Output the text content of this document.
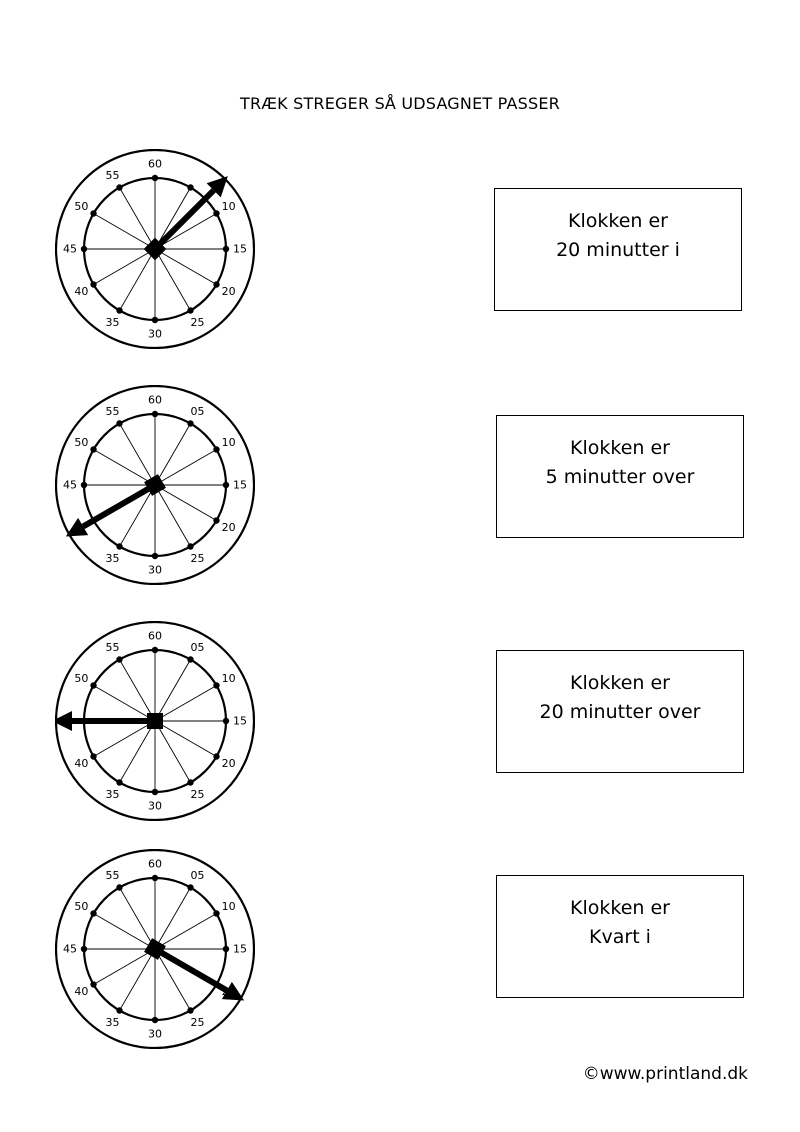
TRÆK STREGER SÅ UDSAGNET PASSER
60
10
15
20
25
30
35
40
45
50
55
60
05
10
15
20
25
30
35
45
50
55
60
05
10
15
20
25
30
35
40
50
55
60
05
10
15
25
30
35
40
45
50
55
Klokken er
20 minutter i
Klokken er
5 minutter over
Klokken er
20 minutter over
Klokken er
Kvart i
©www.printland.dk
